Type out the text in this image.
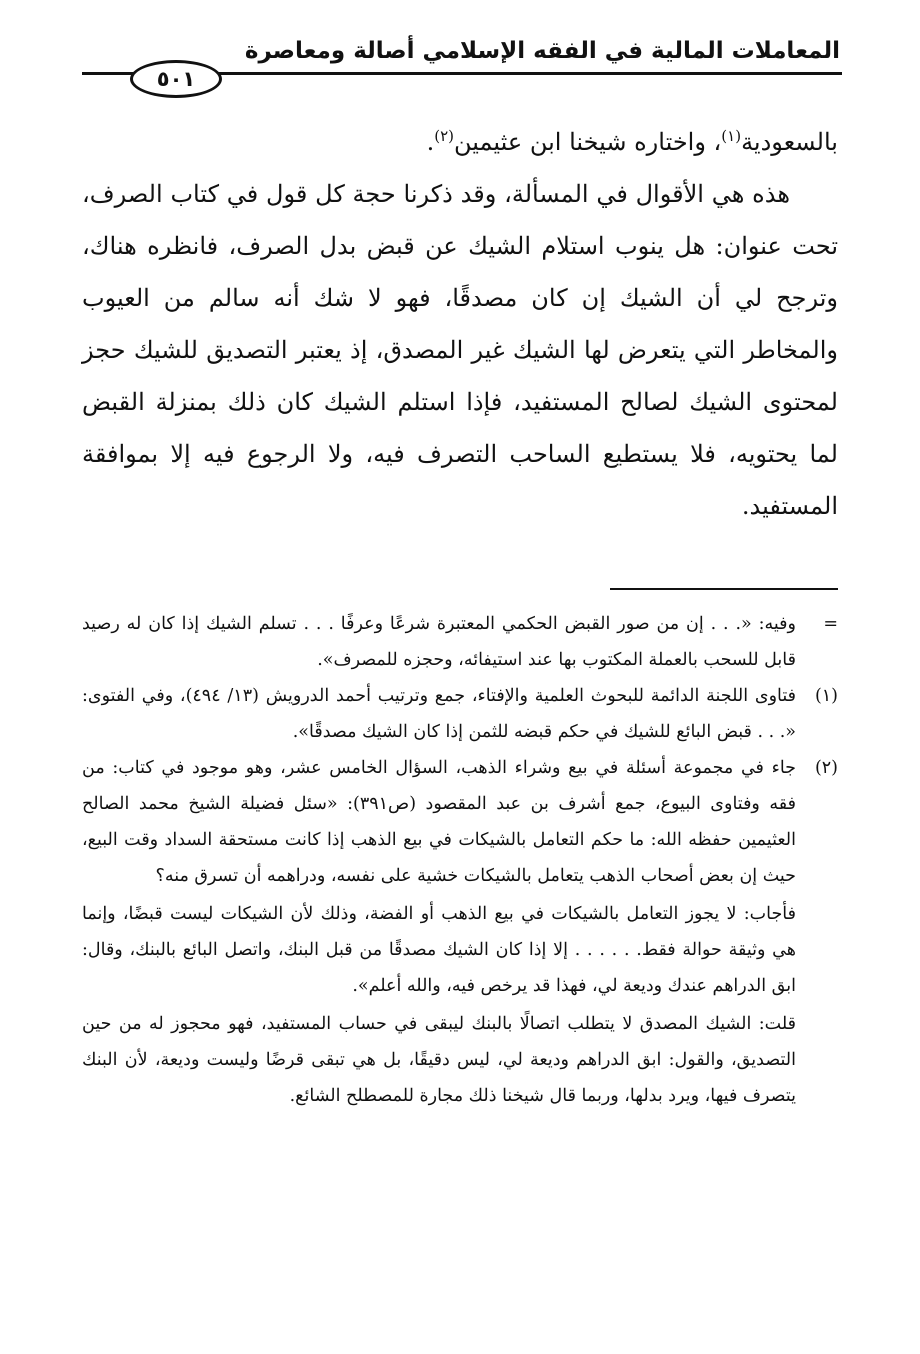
المعاملات المالية في الفقه الإسلامي أصالة ومعاصرة
٥٠١

بالسعودية$^{(١)}$، واختاره شيخنا ابن عثيمين$^{(٢)}$.

هذه هي الأقوال في المسألة، وقد ذكرنا حجة كل قول في كتاب الصرف، تحت عنوان: هل ينوب استلام الشيك عن قبض بدل الصرف، فانظره هناك، وترجح لي أن الشيك إن كان مصدقًا، فهو لا شك أنه سالم من العيوب والمخاطر التي يتعرض لها الشيك غير المصدق، إذ يعتبر التصديق للشيك حجز لمحتوى الشيك لصالح المستفيد، فإذا استلم الشيك كان ذلك بمنزلة القبض لما يحتويه، فلا يستطيع الساحب التصرف فيه، ولا الرجوع فيه إلا بموافقة المستفيد.

=

وفيه: «. . . إن من صور القبض الحكمي المعتبرة شرعًا وعرفًا . . . تسلم الشيك إذا كان له رصيد قابل للسحب بالعملة المكتوب بها عند استيفائه، وحجزه للمصرف».

(١)

فتاوى اللجنة الدائمة للبحوث العلمية والإفتاء، جمع وترتيب أحمد الدرويش (١٣/ ٤٩٤)، وفي الفتوى: «. . . قبض البائع للشيك في حكم قبضه للثمن إذا كان الشيك مصدقًا».

(٢)

جاء في مجموعة أسئلة في بيع وشراء الذهب، السؤال الخامس عشر، وهو موجود في كتاب: من فقه وفتاوى البيوع، جمع أشرف بن عبد المقصود (ص٣٩١): «سئل فضيلة الشيخ محمد الصالح العثيمين حفظه الله: ما حكم التعامل بالشيكات في بيع الذهب إذا كانت مستحقة السداد وقت البيع، حيث إن بعض أصحاب الذهب يتعامل بالشيكات خشية على نفسه، ودراهمه أن تسرق منه؟

فأجاب: لا يجوز التعامل بالشيكات في بيع الذهب أو الفضة، وذلك لأن الشيكات ليست قبضًا، وإنما هي وثيقة حوالة فقط. . . . . . إلا إذا كان الشيك مصدقًا من قبل البنك، واتصل البائع بالبنك، وقال: ابق الدراهم عندك وديعة لي، فهذا قد يرخص فيه، والله أعلم».

قلت: الشيك المصدق لا يتطلب اتصالًا بالبنك ليبقى في حساب المستفيد، فهو محجوز له من حين التصديق، والقول: ابق الدراهم وديعة لي، ليس دقيقًا، بل هي تبقى قرضًا وليست وديعة، لأن البنك يتصرف فيها، ويرد بدلها، وربما قال شيخنا ذلك مجارة للمصطلح الشائع.
